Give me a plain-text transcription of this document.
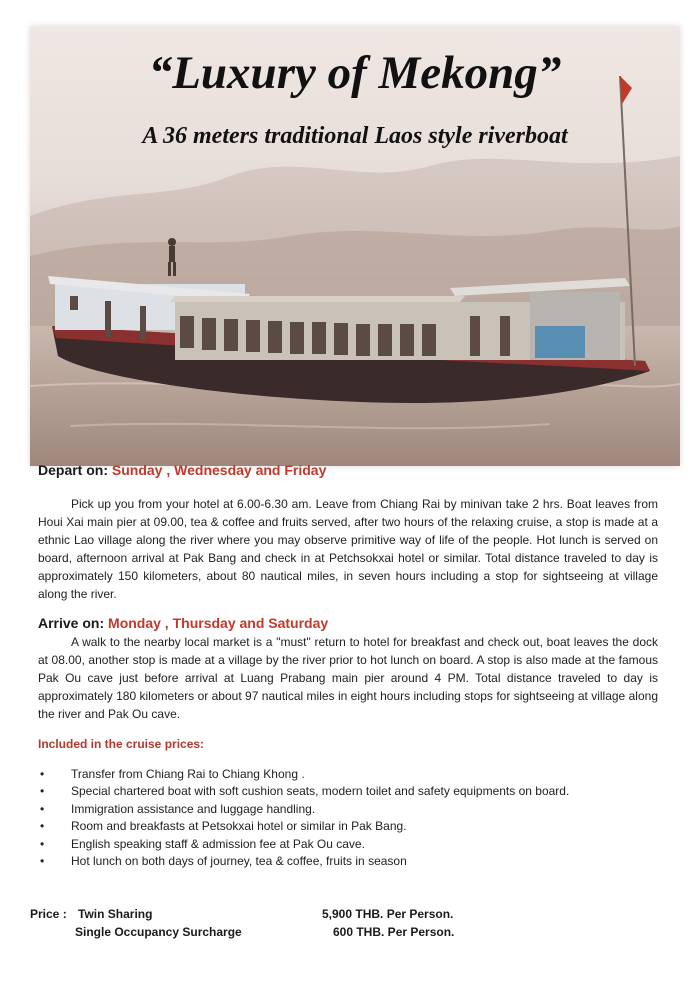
“Luxury of Mekong”
A 36 meters traditional Laos style riverboat
Depart on: Sunday , Wednesday and Friday
Pick up you from your hotel at 6.00-6.30 am. Leave from Chiang Rai by minivan take 2 hrs. Boat leaves from Houi Xai main pier at 09.00, tea & coffee and fruits served, after two hours of the relaxing cruise, a stop is made at a ethnic Lao village along the river where you may observe primitive way of life of the people. Hot lunch is served on board, afternoon arrival at Pak Bang and check in at Petchsokxai hotel or similar. Total distance traveled to day is approximately 150 kilometers, about 80 nautical miles, in seven hours including a stop for sightseeing at village along the river.
Arrive on: Monday , Thursday and Saturday
A walk to the nearby local market is a "must" return to hotel for breakfast and check out, boat leaves the dock at 08.00, another stop is made at a village by the river prior to hot lunch on board. A stop is also made at the famous Pak Ou cave just before arrival at Luang Prabang main pier around 4 PM. Total distance traveled to day is approximately 180 kilometers or about 97 nautical miles in eight hours including stops for sightseeing at village along the river and Pak Ou cave.
Included in the cruise prices:
• Transfer from Chiang Rai to Chiang Khong .
• Special chartered boat with soft cushion seats, modern toilet and safety equipments on board.
• Immigration assistance and luggage handling.
• Room and breakfasts at Petsokxai hotel or similar in Pak Bang.
• English speaking staff & admission fee at Pak Ou cave.
• Hot lunch on both days of journey, tea & coffee, fruits in season
Price : Twin Sharing
Single Occupancy Surcharge
5,900 THB. Per Person.
600 THB. Per Person.
